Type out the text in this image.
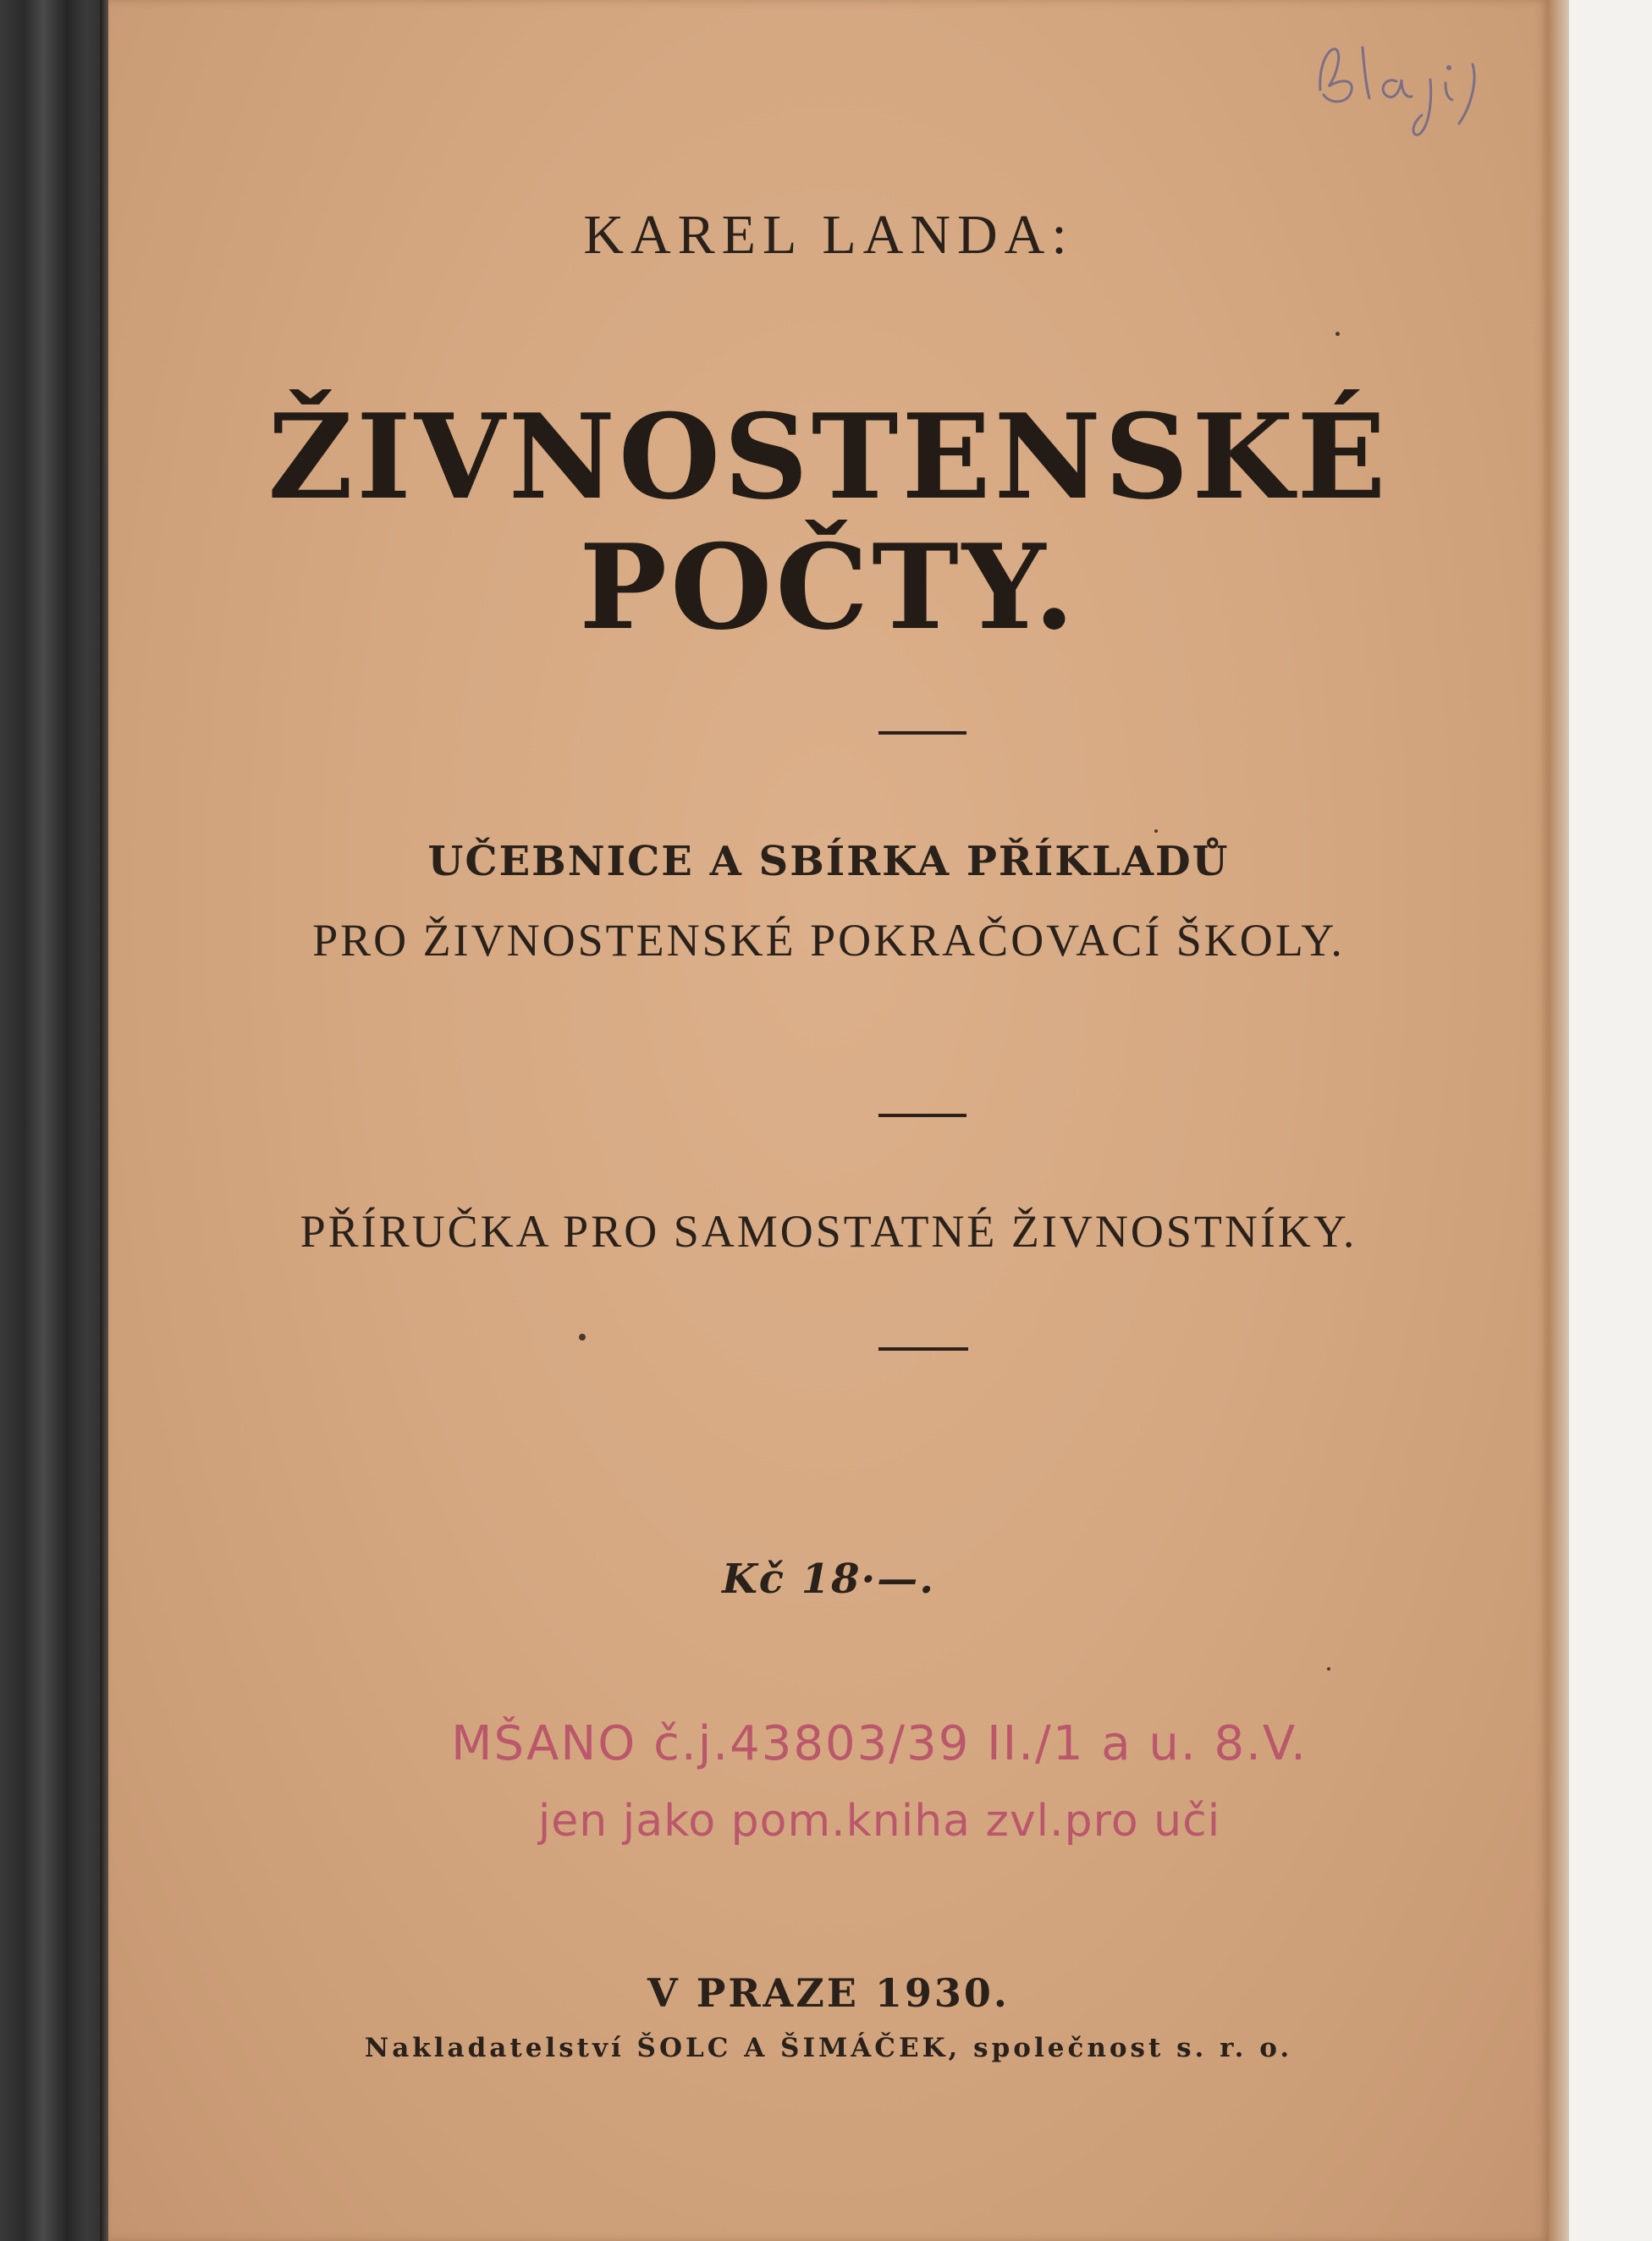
KAREL LANDA:
ŽIVNOSTENSKÉ
POČTY.
UČEBNICE A SBÍRKA PŘÍKLADŮ
PRO ŽIVNOSTENSKÉ POKRAČOVACÍ ŠKOLY.
PŘÍRUČKA PRO SAMOSTATNÉ ŽIVNOSTNÍKY.
Kč 18·—.
MŠANO č.j.43803/39 II./1 a u. 8.V.
jen jako pom.kniha zvl.pro uči
V PRAZE 1930.
Nakladatelství ŠOLC A ŠIMÁČEK, společnost s. r. o.
